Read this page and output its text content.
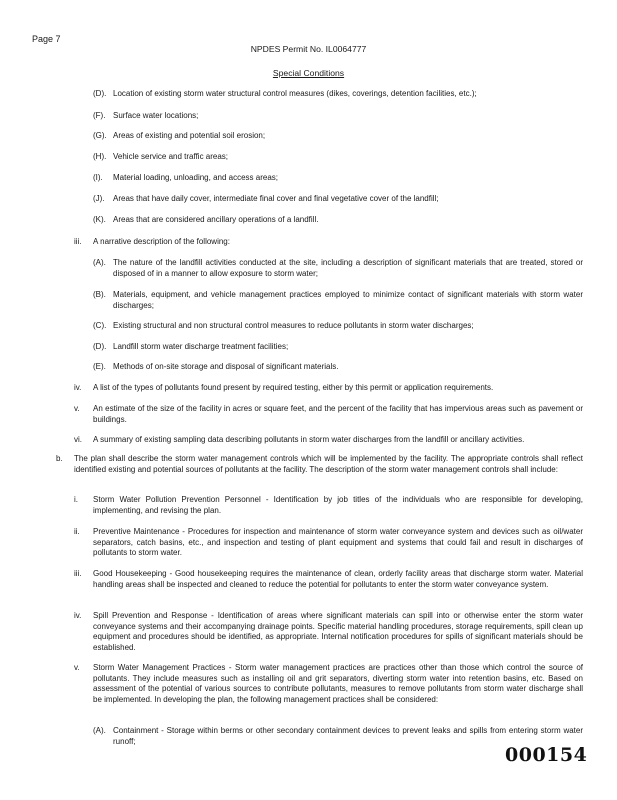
Page 7
NPDES Permit No. IL0064777
Special Conditions
(D). Location of existing storm water structural control measures (dikes, coverings, detention facilities, etc.);
(F). Surface water locations;
(G). Areas of existing and potential soil erosion;
(H). Vehicle service and traffic areas;
(I). Material loading, unloading, and access areas;
(J). Areas that have daily cover, intermediate final cover and final vegetative cover of the landfill;
(K). Areas that are considered ancillary operations of a landfill.
iii. A narrative description of the following:
(A). The nature of the landfill activities conducted at the site, including a description of significant materials that are treated, stored or disposed of in a manner to allow exposure to storm water;
(B). Materials, equipment, and vehicle management practices employed to minimize contact of significant materials with storm water discharges;
(C). Existing structural and non structural control measures to reduce pollutants in storm water discharges;
(D). Landfill storm water discharge treatment facilities;
(E). Methods of on-site storage and disposal of significant materials.
iv. A list of the types of pollutants found present by required testing, either by this permit or application requirements.
v. An estimate of the size of the facility in acres or square feet, and the percent of the facility that has impervious areas such as pavement or buildings.
vi. A summary of existing sampling data describing pollutants in storm water discharges from the landfill or ancillary activities.
b. The plan shall describe the storm water management controls which will be implemented by the facility. The appropriate controls shall reflect identified existing and potential sources of pollutants at the facility. The description of the storm water management controls shall include:
i. Storm Water Pollution Prevention Personnel - Identification by job titles of the individuals who are responsible for developing, implementing, and revising the plan.
ii. Preventive Maintenance - Procedures for inspection and maintenance of storm water conveyance system and devices such as oil/water separators, catch basins, etc., and inspection and testing of plant equipment and systems that could fail and result in discharges of pollutants to storm water.
iii. Good Housekeeping - Good housekeeping requires the maintenance of clean, orderly facility areas that discharge storm water. Material handling areas shall be inspected and cleaned to reduce the potential for pollutants to enter the storm water conveyance system.
iv. Spill Prevention and Response - Identification of areas where significant materials can spill into or otherwise enter the storm water conveyance systems and their accompanying drainage points. Specific material handling procedures, storage requirements, spill clean up equipment and procedures should be identified, as appropriate. Internal notification procedures for spills of significant materials should be established.
v. Storm Water Management Practices - Storm water management practices are practices other than those which control the source of pollutants. They include measures such as installing oil and grit separators, diverting storm water into retention basins, etc. Based on assessment of the potential of various sources to contribute pollutants, measures to remove pollutants from storm water discharge shall be implemented. In developing the plan, the following management practices shall be considered:
(A). Containment - Storage within berms or other secondary containment devices to prevent leaks and spills from entering storm water runoff;
000154
